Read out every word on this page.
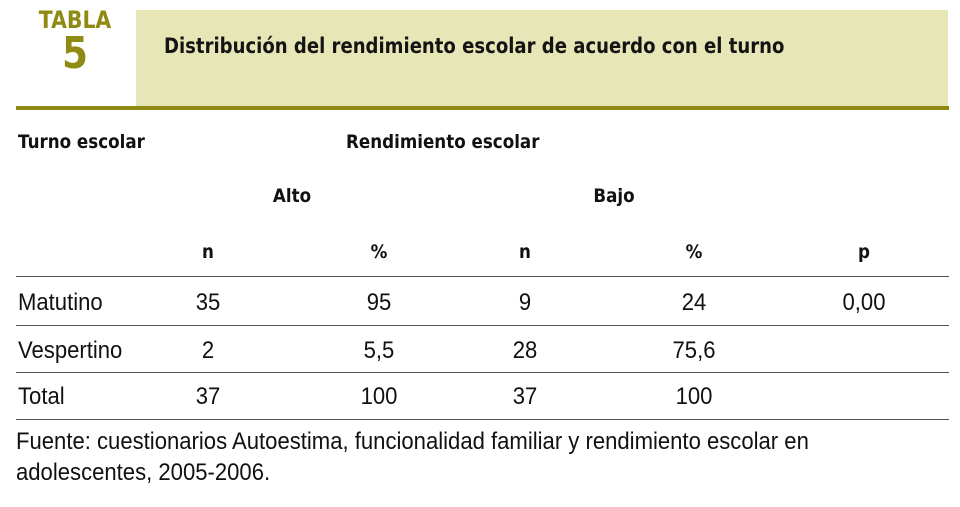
TABLA
5	Distribución del rendimiento escolar de acuerdo con el turno
Turno escolar	Rendimiento escolar
Alto	Bajo
n	%	n	%	p
Matutino	35	95	9	24	0,00
Vespertino	2	5,5	28	75,6
Total	37	100	37	100
Fuente: cuestionarios Autoestima, funcionalidad familiar y rendimiento escolar en adolescentes, 2005-2006.
